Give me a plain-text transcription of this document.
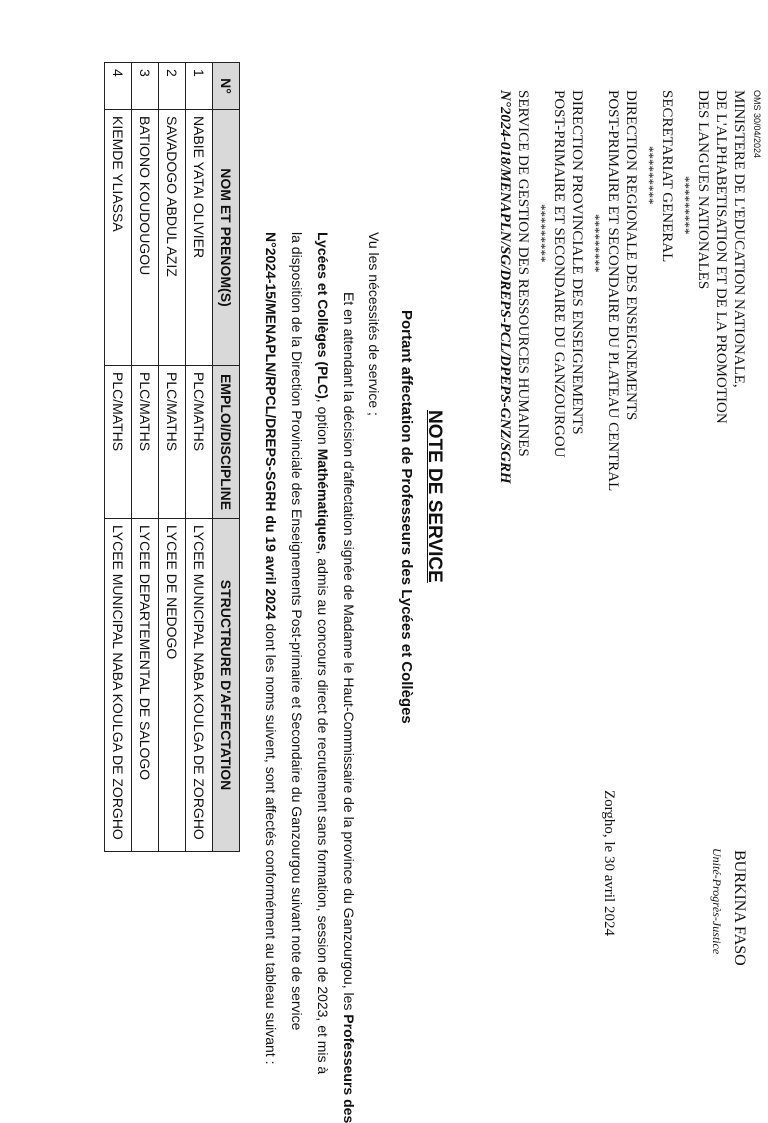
OMS 30/04/2024
BURKINA FASO
Unité-Progrès-Justice
Zorgho, le 30 avril 2024
MINISTERE DE L'EDUCATION NATIONALE,
DE L'ALPHABETISATION ET DE LA PROMOTION
DES LANGUES NATIONALES
*********
SECRETARIAT GENERAL
*********
DIRECTION REGIONALE DES ENSEIGNEMENTS
POST-PRIMAIRE ET SECONDAIRE DU PLATEAU CENTRAL
*********
DIRECTION PROVINCIALE DES ENSEIGNEMENTS
POST-PRIMAIRE ET SECONDAIRE DU GANZOURGOU
*********
SERVICE DE GESTION DES RESSOURCES HUMAINES
N°2024-018/MENAPLN/SG/DREPS-PCL/DPEPS-GNZ/SGRH
NOTE DE SERVICE
Portant affectation de Professeurs des Lycées et Collèges
Vu les nécessités de service ;
Et en attendant la décision d'affectation signée de Madame le Haut-Commissaire de la province du Ganzourgou, les Professeurs des
Lycées et Collèges (PLC), option Mathématiques, admis au concours direct de recrutement sans formation, session de 2023, et mis à
la disposition de la Direction Provinciale des Enseignements Post-primaire et Secondaire du Ganzourgou suivant note de service
N°2024-15/MENAPLN/RPCL/DREPS-SGRH du 19 avril 2024 dont les noms suivent, sont affectés conformément au tableau suivant :
N°	NOM ET PRENOM(S)	EMPLOI/DISCIPLINE	STRUCTRURE D'AFFECTATION
1	NABIE YATAI OLIVIER	PLC/MATHS	LYCEE MUNICIPAL NABA KOULGA DE ZORGHO
2	SAVADOGO ABDUL AZIZ	PLC/MATHS	LYCEE DE NEDOGO
3	BATIONO KOUDOUGOU	PLC/MATHS	LYCEE DEPARTEMENTAL DE SALOGO
4	KIEMDE YLIASSA	PLC/MATHS	LYCEE MUNICIPAL NABA KOULGA DE ZORGHO
